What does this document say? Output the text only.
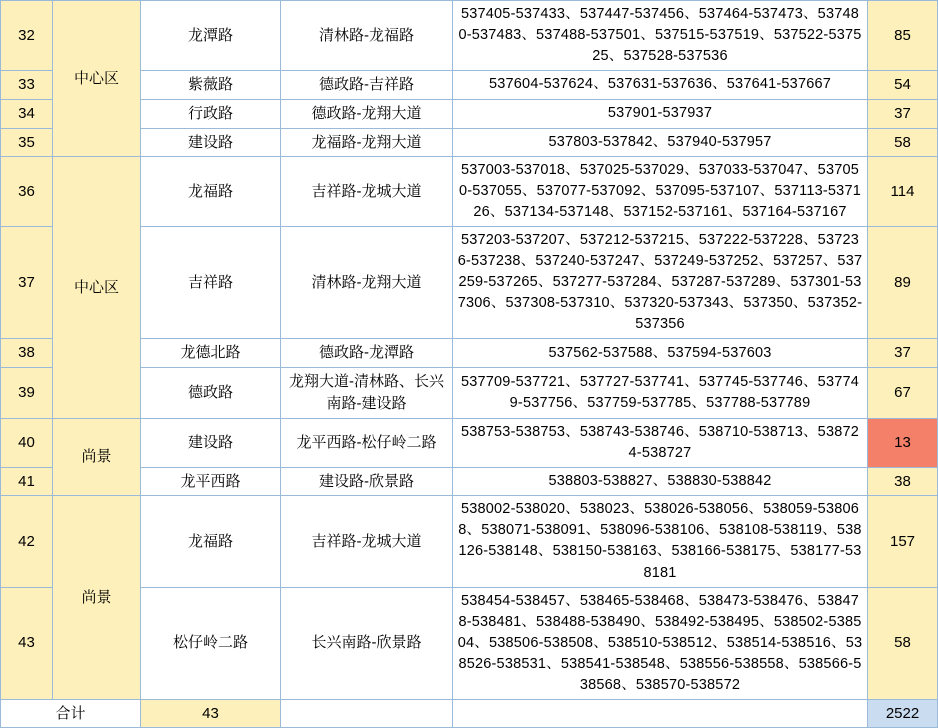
32	中心区	龙潭路	清林路-龙福路	537405-537433、537447-537456、537464-537473、537480-537483、537488-537501、537515-537519、537522-537525、537528-537536	85
33		紫薇路	德政路-吉祥路	537604-537624、537631-537636、537641-537667	54
34		行政路	德政路-龙翔大道	537901-537937	37
35		建设路	龙福路-龙翔大道	537803-537842、537940-537957	58
36	中心区	龙福路	吉祥路-龙城大道	537003-537018、537025-537029、537033-537047、537050-537055、537077-537092、537095-537107、537113-537126、537134-537148、537152-537161、537164-537167	114
37		吉祥路	清林路-龙翔大道	537203-537207、537212-537215、537222-537228、537236-537238、537240-537247、537249-537252、537257、537259-537265、537277-537284、537287-537289、537301-537306、537308-537310、537320-537343、537350、537352-537356	89
38		龙德北路	德政路-龙潭路	537562-537588、537594-537603	37
39		德政路	龙翔大道-清林路、长兴南路-建设路	537709-537721、537727-537741、537745-537746、537749-537756、537759-537785、537788-537789	67
40	尚景	建设路	龙平西路-松仔岭二路	538753-538753、538743-538746、538710-538713、538724-538727	13
41		龙平西路	建设路-欣景路	538803-538827、538830-538842	38
42	尚景	龙福路	吉祥路-龙城大道	538002-538020、538023、538026-538056、538059-538068、538071-538091、538096-538106、538108-538119、538126-538148、538150-538163、538166-538175、538177-538181	157
43		松仔岭二路	长兴南路-欣景路	538454-538457、538465-538468、538473-538476、538478-538481、538488-538490、538492-538495、538502-538504、538506-538508、538510-538512、538514-538516、538526-538531、538541-538548、538556-538558、538566-538568、538570-538572	58
合计		43			2522
